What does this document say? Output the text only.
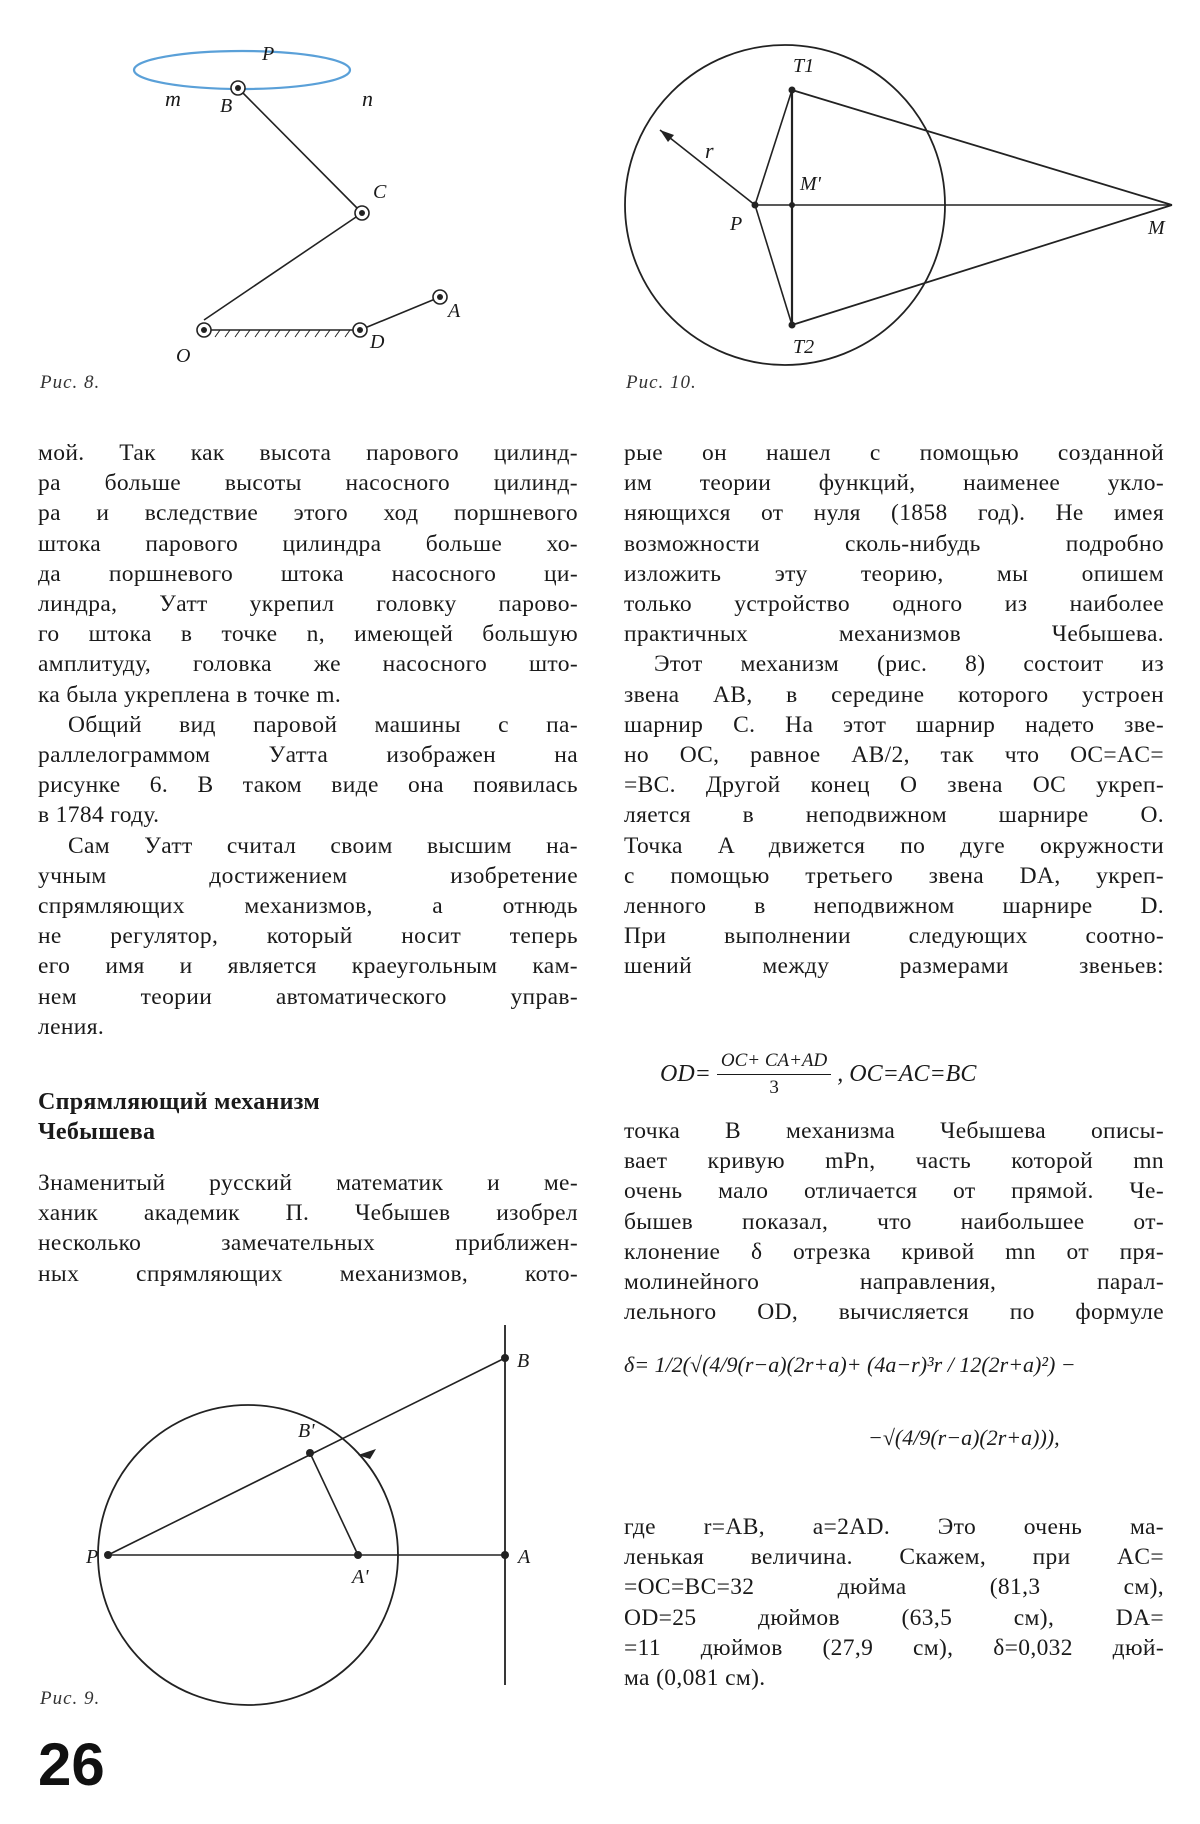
P
m B	n
C
A
O
D
Рис. 8.
T1
T2
r
M'
P	M
Рис. 10.

мой. Так как высота парового цилинд-
ра больше высоты насосного цилинд-
ра и вследствие этого ход поршневого
штока парового цилиндра больше хо-
да поршневого штока насосного ци-
линдра, Уатт укрепил головку парово-
го штока в точке n, имеющей большую
амплитуду, головка же насосного што-
ка была укреплена в точке m.

Общий вид паровой машины с па-
раллелограммом Уатта изображен на
рисунке 6. В таком виде она появилась
в 1784 году.

Сам Уатт считал своим высшим на-
учным достижением изобретение
спрямляющих механизмов, а отнюдь
не регулятор, который носит теперь
его имя и является краеугольным кам-
нем теории автоматического управ-
ления.

Спрямляющий механизм
Чебышева

Знаменитый русский математик и ме-
ханик академик П. Чебышев изобрел
несколько замечательных приближен-
ных спрямляющих механизмов, кото-

B
B'
P
A'
A
Рис. 9.

рые он нашел с помощью созданной
им теории функций, наименее укло-
няющихся от нуля (1858 год). Не имея
возможности сколь-нибудь подробно
изложить эту теорию, мы опишем
только устройство одного из наиболее
практичных механизмов Чебышева.

Этот механизм (рис. 8) состоит из
звена AB, в середине которого устроен
шарнир C. На этот шарнир надето зве-
но OC, равное AB/2, так что OC=AC=
=BC. Другой конец O звена OC укреп-
ляется в неподвижном шарнире O.
Точка A движется по дуге окружности
с помощью третьего звена DA, укреп-
ленного в неподвижном шарнире D.
При выполнении следующих соотно-
шений между размерами звеньев:

$OD= \frac{OC+ CA+AD}{3}$ , OC=AC=BC

точка B механизма Чебышева описы-
вает кривую mPn, часть которой mn
очень мало отличается от прямой. Че-
бышев показал, что наибольшее от-
клонение δ отрезка кривой mn от пря-
молинейного направления, парал-
лельного OD, вычисляется по формуле

δ= 1/2(√(4/9(r−a)(2r+a)+ (4a−r)³r / 12(2r+a)²) −
−√(4/9(r−a)(2r+a))),

где r=AB, a=2AD. Это очень ма-
ленькая величина. Скажем, при AC=
=OC=BC=32 дюйма (81,3 см),
OD=25 дюймов (63,5 см), DA=
=11 дюймов (27,9 см), δ=0,032 дюй-
ма (0,081 см).

26
